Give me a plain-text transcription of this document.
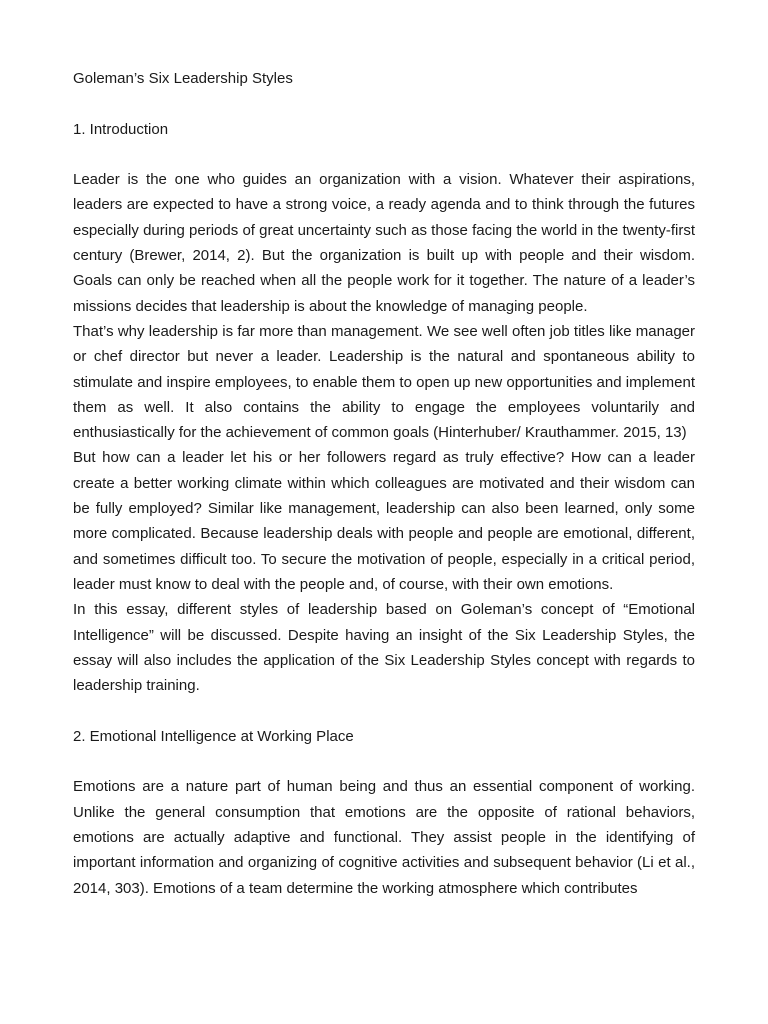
Goleman’s Six Leadership Styles

1. Introduction

Leader is the one who guides an organization with a vision. Whatever their aspirations, leaders are expected to have a strong voice, a ready agenda and to think through the futures especially during periods of great uncertainty such as those facing the world in the twenty-first century (Brewer, 2014, 2). But the organization is built up with people and their wisdom. Goals can only be reached when all the people work for it together. The nature of a leader’s missions decides that leadership is about the knowledge of managing people.

That’s why leadership is far more than management. We see well often job titles like manager or chef director but never a leader. Leadership is the natural and spontaneous ability to stimulate and inspire employees, to enable them to open up new opportunities and implement them as well. It also contains the ability to engage the employees voluntarily and enthusiastically for the achievement of common goals (Hinterhuber/ Krauthammer. 2015, 13)

But how can a leader let his or her followers regard as truly effective? How can a leader create a better working climate within which colleagues are motivated and their wisdom can be fully employed? Similar like management, leadership can also been learned, only some more complicated. Because leadership deals with people and people are emotional, different, and sometimes difficult too. To secure the motivation of people, especially in a critical period, leader must know to deal with the people and, of course, with their own emotions.

In this essay, different styles of leadership based on Goleman’s concept of “Emotional Intelligence” will be discussed. Despite having an insight of the Six Leadership Styles, the essay will also includes the application of the Six Leadership Styles concept with regards to leadership training.

2. Emotional Intelligence at Working Place

Emotions are a nature part of human being and thus an essential component of working. Unlike the general consumption that emotions are the opposite of rational behaviors, emotions are actually adaptive and functional. They assist people in the identifying of important information and organizing of cognitive activities and subsequent behavior (Li et al., 2014, 303). Emotions of a team determine the working atmosphere which contributes
